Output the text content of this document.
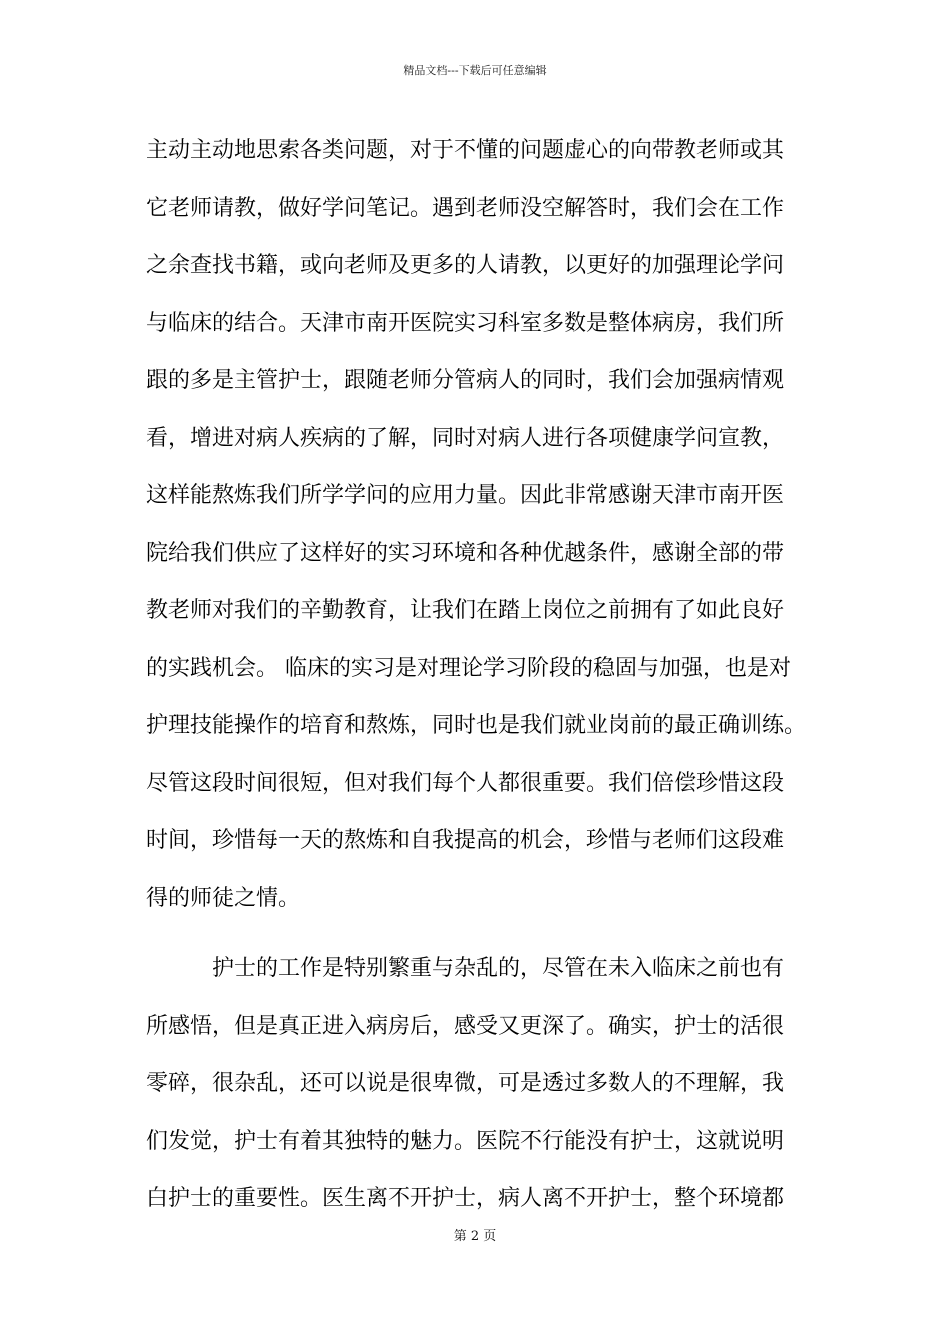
精品文档---下载后可任意编辑
主动主动地思索各类问题，对于不懂的问题虚心的向带教老师或其
它老师请教，做好学问笔记。遇到老师没空解答时，我们会在工作
之余查找书籍，或向老师及更多的人请教，以更好的加强理论学问
与临床的结合。天津市南开医院实习科室多数是整体病房，我们所
跟的多是主管护士，跟随老师分管病人的同时，我们会加强病情观
看，增进对病人疾病的了解，同时对病人进行各项健康学问宣教，
这样能熬炼我们所学学问的应用力量。因此非常感谢天津市南开医
院给我们供应了这样好的实习环境和各种优越条件，感谢全部的带
教老师对我们的辛勤教育，让我们在踏上岗位之前拥有了如此良好
的实践机会。 临床的实习是对理论学习阶段的稳固与加强，也是对
护理技能操作的培育和熬炼，同时也是我们就业岗前的最正确训练。
尽管这段时间很短，但对我们每个人都很重要。我们倍偿珍惜这段
时间，珍惜每一天的熬炼和自我提高的机会，珍惜与老师们这段难
得的师徒之情。
护士的工作是特别繁重与杂乱的，尽管在未入临床之前也有
所感悟，但是真正进入病房后，感受又更深了。确实，护士的活很
零碎，很杂乱，还可以说是很卑微，可是透过多数人的不理解，我
们发觉，护士有着其独特的魅力。医院不行能没有护士，这就说明
白护士的重要性。医生离不开护士，病人离不开护士，整个环境都
第 2 页
